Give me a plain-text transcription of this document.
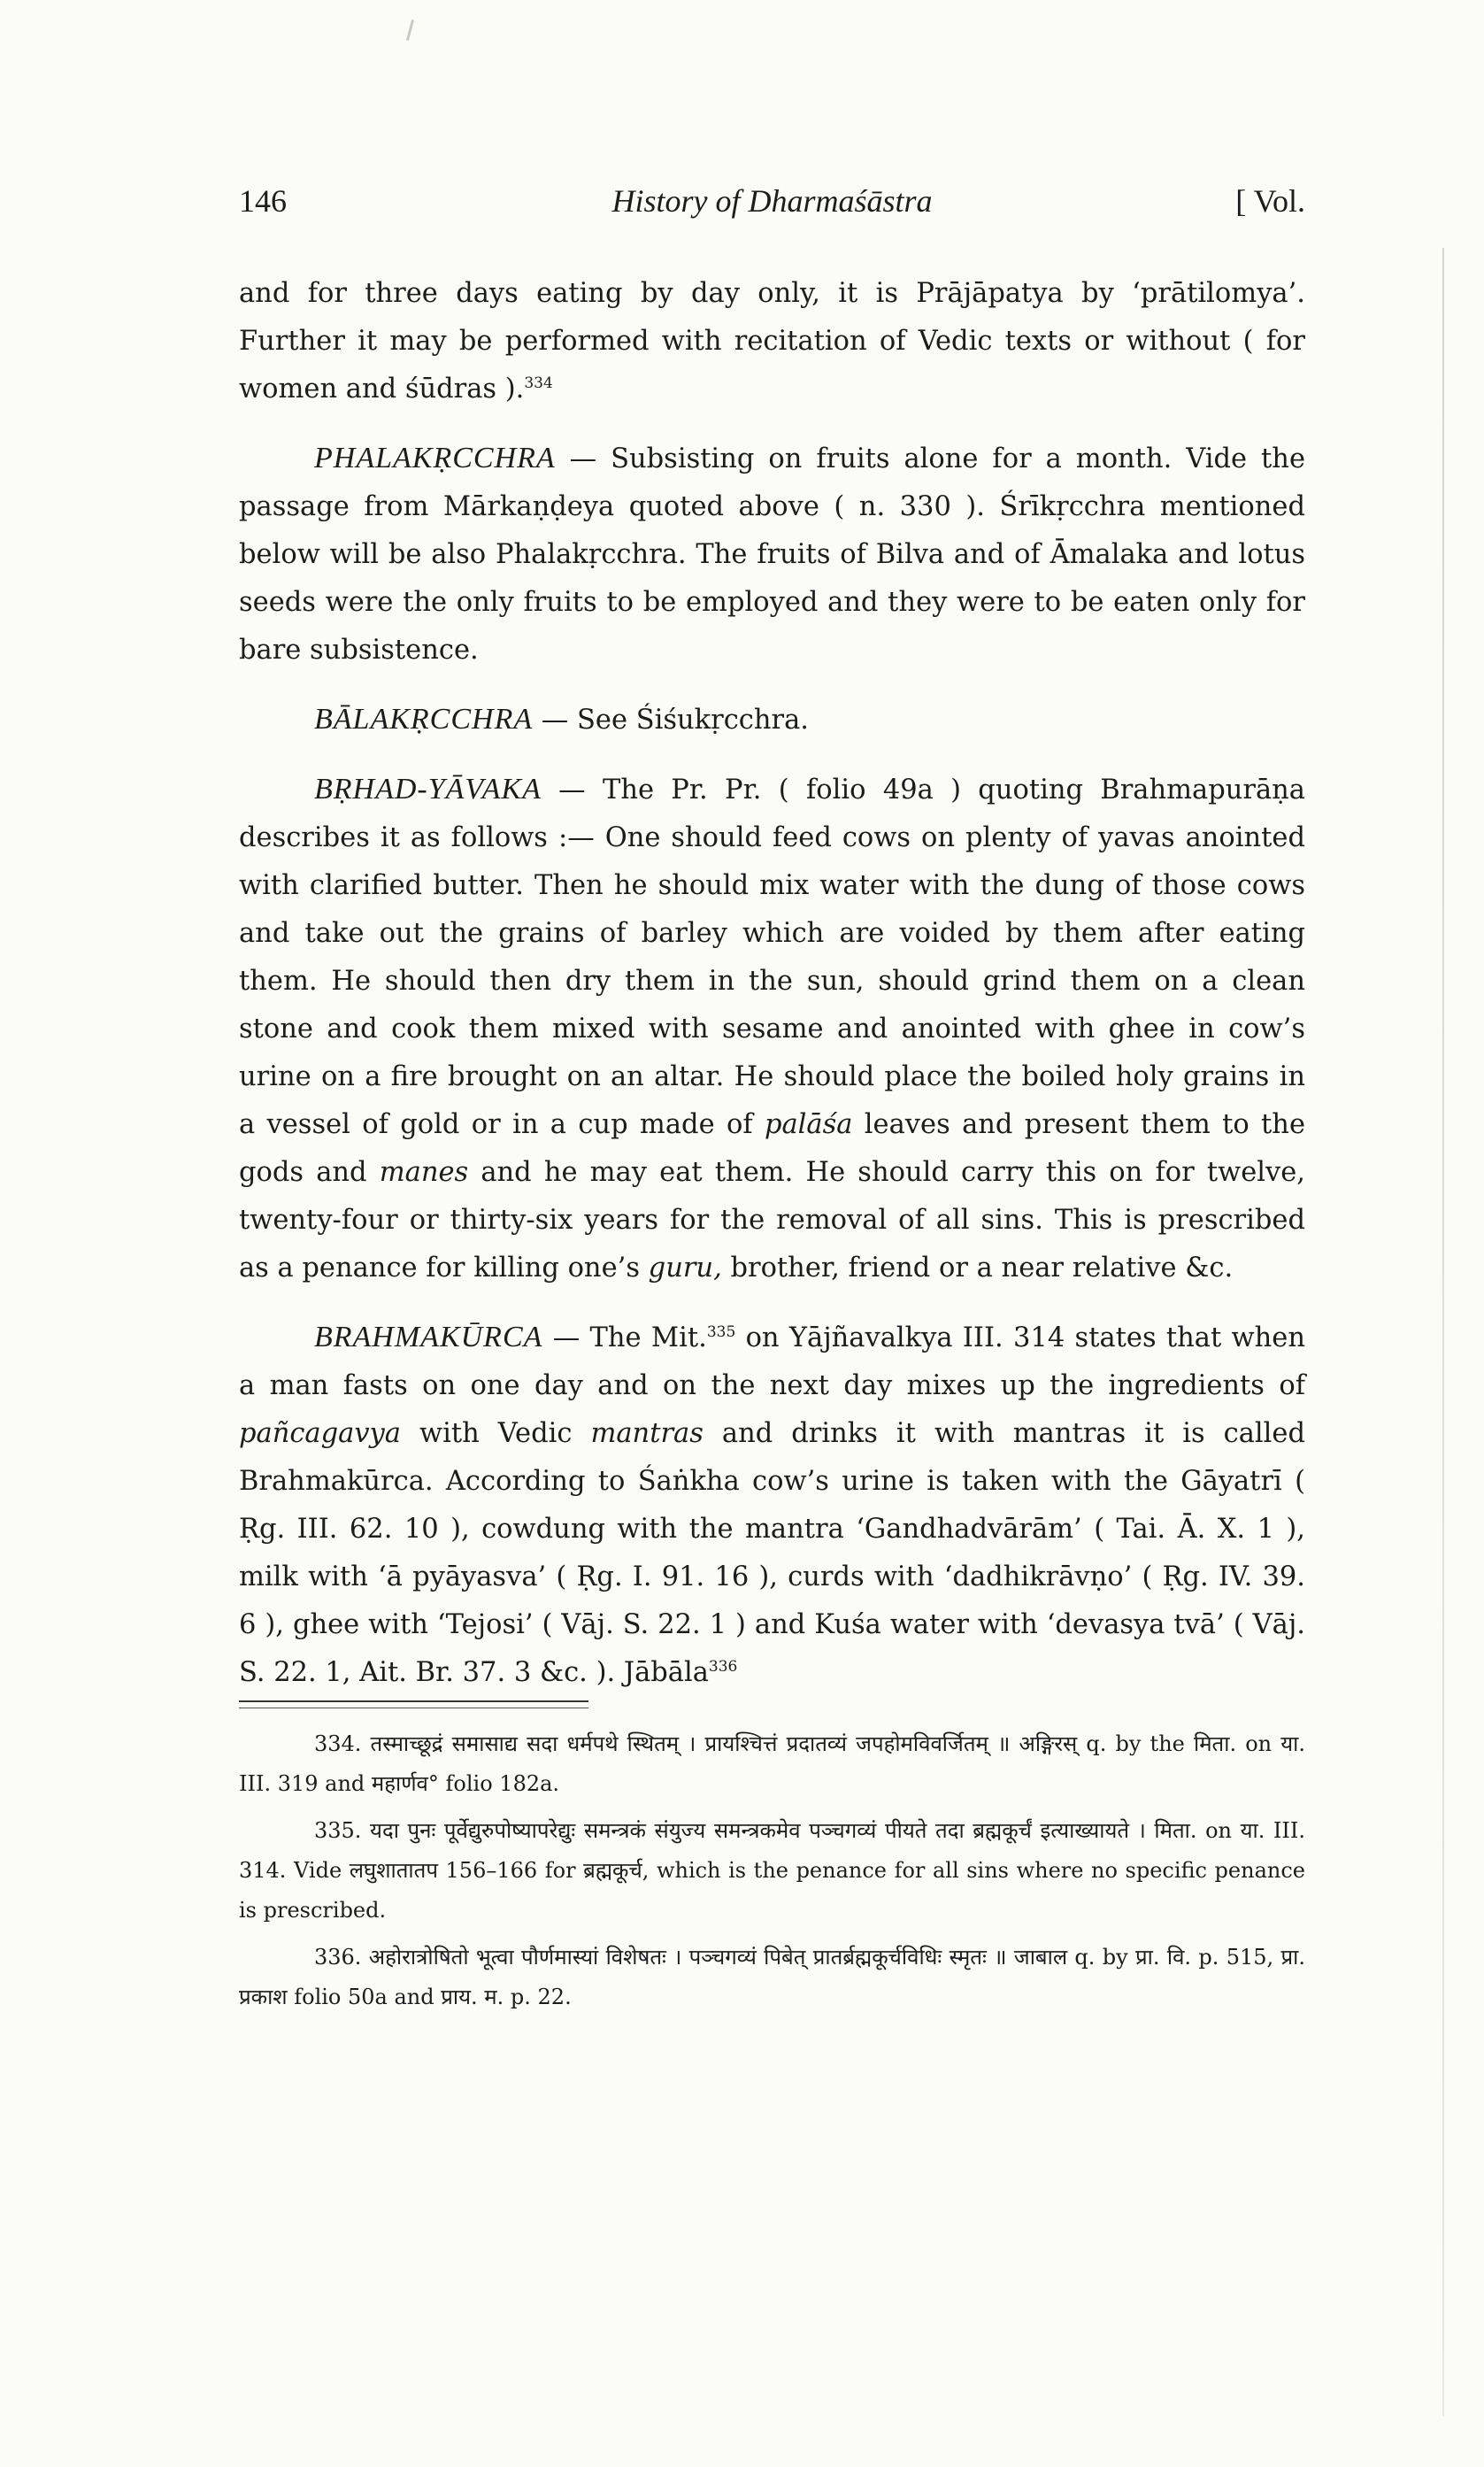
146	History of Dharmaśāstra	[ Vol.

and for three days eating by day only, it is Prājāpatya by ‘prātilomya’. Further it may be performed with recitation of Vedic texts or without ( for women and śūdras ).$^{334}$

PHALAKṚCCHRA — Subsisting on fruits alone for a month. Vide the passage from Mārkaṇḍeya quoted above ( n. 330 ). Śrīkṛcchra mentioned below will be also Phalakṛcchra. The fruits of Bilva and of Āmalaka and lotus seeds were the only fruits to be employed and they were to be eaten only for bare subsistence.

BĀLAKṚCCHRA — See Śiśukṛcchra.

BṚHAD-YĀVAKA — The Pr. Pr. ( folio 49a ) quoting Brahmapurāṇa describes it as follows :— One should feed cows on plenty of yavas anointed with clarified butter. Then he should mix water with the dung of those cows and take out the grains of barley which are voided by them after eating them. He should then dry them in the sun, should grind them on a clean stone and cook them mixed with sesame and anointed with ghee in cow’s urine on a fire brought on an altar. He should place the boiled holy grains in a vessel of gold or in a cup made of palāśa leaves and present them to the gods and manes and he may eat them. He should carry this on for twelve, twenty-four or thirty-six years for the removal of all sins. This is prescribed as a penance for killing one’s guru, brother, friend or a near relative &c.

BRAHMAKŪRCA — The Mit.$^{335}$ on Yājñavalkya III. 314 states that when a man fasts on one day and on the next day mixes up the ingredients of pañcagavya with Vedic mantras and drinks it with mantras it is called Brahmakūrca. According to Śaṅkha cow’s urine is taken with the Gāyatrī ( Ṛg. III. 62. 10 ), cowdung with the mantra ‘Gandhadvārām’ ( Tai. Ā. X. 1 ), milk with ‘ā pyāyasva’ ( Ṛg. I. 91. 16 ), curds with ‘dadhikrāvṇo’ ( Ṛg. IV. 39. 6 ), ghee with ‘Tejosi’ ( Vāj. S. 22. 1 ) and Kuśa water with ‘devasya tvā’ ( Vāj. S. 22. 1, Ait. Br. 37. 3 &c. ). Jābāla$^{336}$

334. तस्माच्छूद्रं समासाद्य सदा धर्मपथे स्थितम् । प्रायश्चित्तं प्रदातव्यं जपहोमविवर्जितम् ॥ अङ्गिरस् q. by the मिता. on या. III. 319 and महार्णव° folio 182a.

335. यदा पुनः पूर्वेद्युरुपोष्यापरेद्युः समन्त्रकं संयुज्य समन्त्रकमेव पञ्चगव्यं पीयते तदा ब्रह्मकूर्चं इत्याख्यायते । मिता. on या. III. 314. Vide लघुशातातप 156–166 for ब्रह्मकूर्च, which is the penance for all sins where no specific penance is prescribed.

336. अहोरात्रोषितो भूत्वा पौर्णमास्यां विशेषतः । पञ्चगव्यं पिबेत् प्रातर्ब्रह्मकूर्चविधिः स्मृतः ॥ जाबाल q. by प्रा. वि. p. 515, प्रा. प्रकाश folio 50a and प्राय. म. p. 22.
